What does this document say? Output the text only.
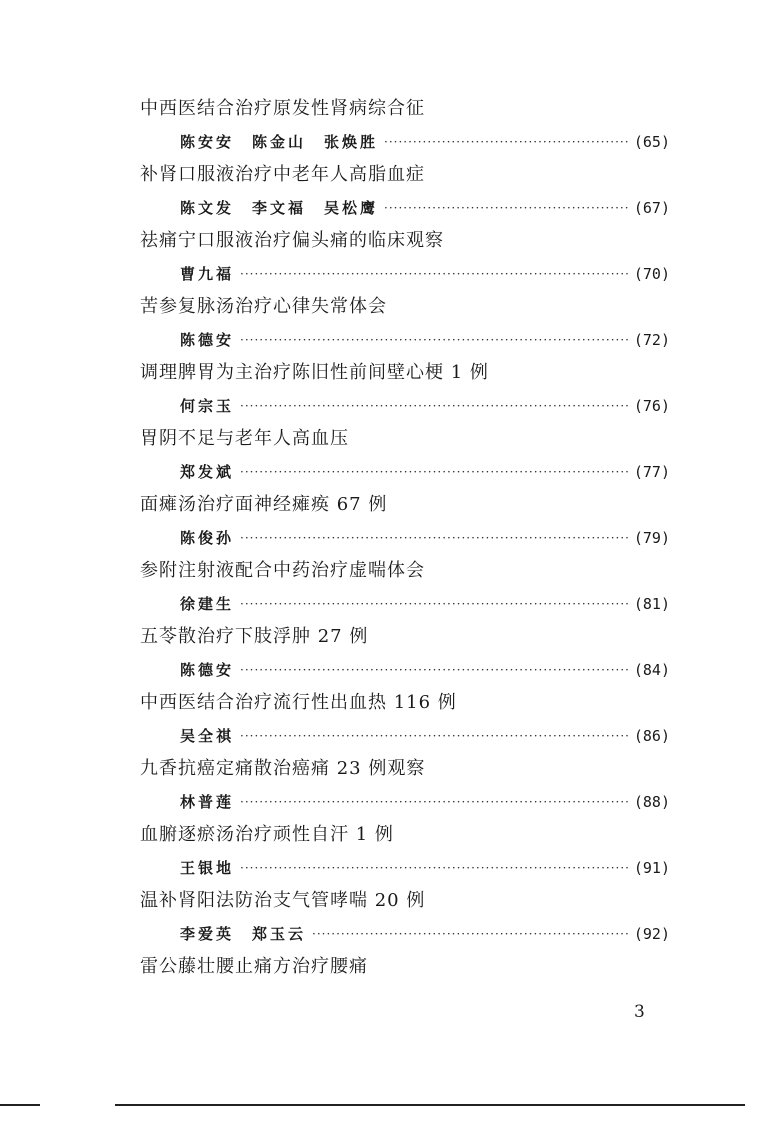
中西医结合治疗原发性肾病综合征
陈安安　陈金山　张焕胜 ·····	(65)
补肾口服液治疗中老年人高脂血症
陈文发　李文福　吴松鹰 ·····	(67)
祛痛宁口服液治疗偏头痛的临床观察
曹九福 ·····	(70)
苦参复脉汤治疗心律失常体会
陈德安 ·····	(72)
调理脾胃为主治疗陈旧性前间壁心梗 1 例
何宗玉 ·····	(76)
胃阴不足与老年人高血压
郑发斌 ·····	(77)
面瘫汤治疗面神经瘫痪 67 例
陈俊孙 ·····	(79)
参附注射液配合中药治疗虚喘体会
徐建生 ·····	(81)
五苓散治疗下肢浮肿 27 例
陈德安 ·····	(84)
中西医结合治疗流行性出血热 116 例
吴全祺 ·····	(86)
九香抗癌定痛散治癌痛 23 例观察
林普莲 ·····	(88)
血腑逐瘀汤治疗顽性自汗 1 例
王银地 ·····	(91)
温补肾阳法防治支气管哮喘 20 例
李爱英　郑玉云 ·····	(92)
雷公藤壮腰止痛方治疗腰痛
3
